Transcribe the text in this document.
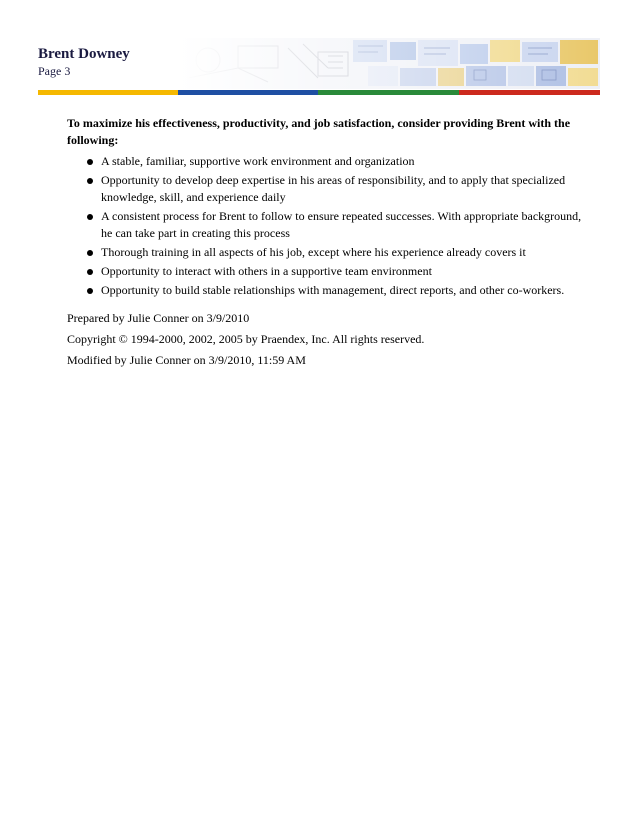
Brent Downey
Page 3

To maximize his effectiveness, productivity, and job satisfaction, consider providing Brent with the following:

A stable, familiar, supportive work environment and organization
Opportunity to develop deep expertise in his areas of responsibility, and to apply that specialized knowledge, skill, and experience daily
A consistent process for Brent to follow to ensure repeated successes. With appropriate background, he can take part in creating this process
Thorough training in all aspects of his job, except where his experience already covers it
Opportunity to interact with others in a supportive team environment
Opportunity to build stable relationships with management, direct reports, and other co-workers.
Prepared by Julie Conner on 3/9/2010
Copyright © 1994-2000, 2002, 2005 by Praendex, Inc. All rights reserved.
Modified by Julie Conner on 3/9/2010, 11:59 AM
